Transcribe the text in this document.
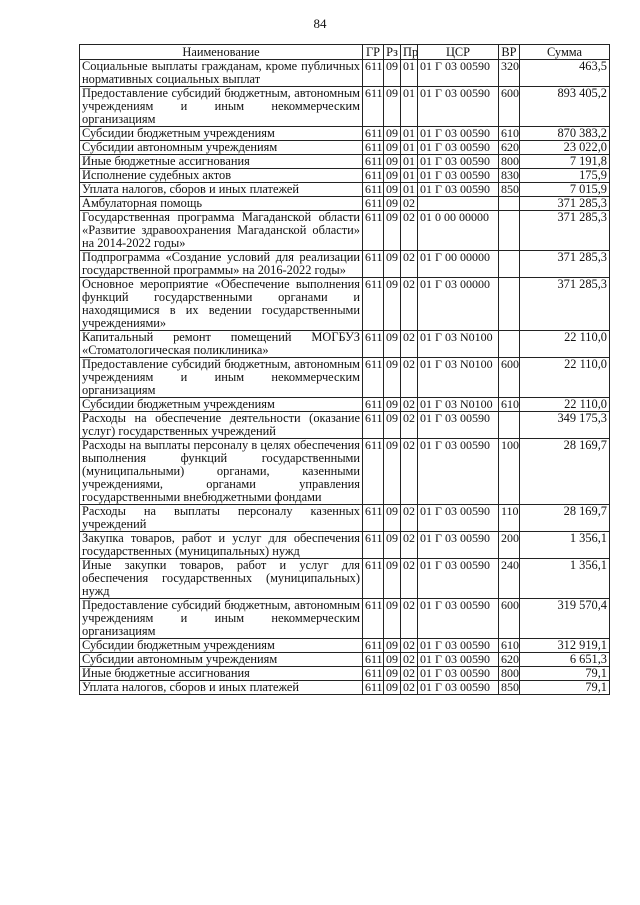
84
Наименование	ГР	Рз	Пр	ЦСР	ВР	Сумма
Социальные выплаты гражданам, кроме публичных нормативных социальных выплат	611	09	01	01 Г 03 00590	320	463,5
Предоставление субсидий бюджетным, автономным учреждениям и иным некоммерческим организациям	611	09	01	01 Г 03 00590	600	893 405,2
Субсидии бюджетным учреждениям	611	09	01	01 Г 03 00590	610	870 383,2
Субсидии автономным учреждениям	611	09	01	01 Г 03 00590	620	23 022,0
Иные бюджетные ассигнования	611	09	01	01 Г 03 00590	800	7 191,8
Исполнение судебных актов	611	09	01	01 Г 03 00590	830	175,9
Уплата налогов, сборов и иных платежей	611	09	01	01 Г 03 00590	850	7 015,9
Амбулаторная помощь	611	09	02			371 285,3
Государственная программа Магаданской области «Развитие здравоохранения Магаданской области» на 2014-2022 годы»	611	09	02	01 0 00 00000		371 285,3
Подпрограмма «Создание условий для реализации государственной программы» на 2016-2022 годы»	611	09	02	01 Г 00 00000		371 285,3
Основное мероприятие «Обеспечение выполнения функций государственными органами и находящимися в их ведении государственными учреждениями»	611	09	02	01 Г 03 00000		371 285,3
Капитальный ремонт помещений МОГБУЗ «Стоматологическая поликлиника»	611	09	02	01 Г 03 N0100		22 110,0
Предоставление субсидий бюджетным, автономным учреждениям и иным некоммерческим организациям	611	09	02	01 Г 03 N0100	600	22 110,0
Субсидии бюджетным учреждениям	611	09	02	01 Г 03 N0100	610	22 110,0
Расходы на обеспечение деятельности (оказание услуг) государственных учреждений	611	09	02	01 Г 03 00590		349 175,3
Расходы на выплаты персоналу в целях обеспечения выполнения функций государственными (муниципальными) органами, казенными учреждениями, органами управления государственными внебюджетными фондами	611	09	02	01 Г 03 00590	100	28 169,7
Расходы на выплаты персоналу казенных учреждений	611	09	02	01 Г 03 00590	110	28 169,7
Закупка товаров, работ и услуг для обеспечения государственных (муниципальных) нужд	611	09	02	01 Г 03 00590	200	1 356,1
Иные закупки товаров, работ и услуг для обеспечения государственных (муниципальных) нужд	611	09	02	01 Г 03 00590	240	1 356,1
Предоставление субсидий бюджетным, автономным учреждениям и иным некоммерческим организациям	611	09	02	01 Г 03 00590	600	319 570,4
Субсидии бюджетным учреждениям	611	09	02	01 Г 03 00590	610	312 919,1
Субсидии автономным учреждениям	611	09	02	01 Г 03 00590	620	6 651,3
Иные бюджетные ассигнования	611	09	02	01 Г 03 00590	800	79,1
Уплата налогов, сборов и иных платежей	611	09	02	01 Г 03 00590	850	79,1
